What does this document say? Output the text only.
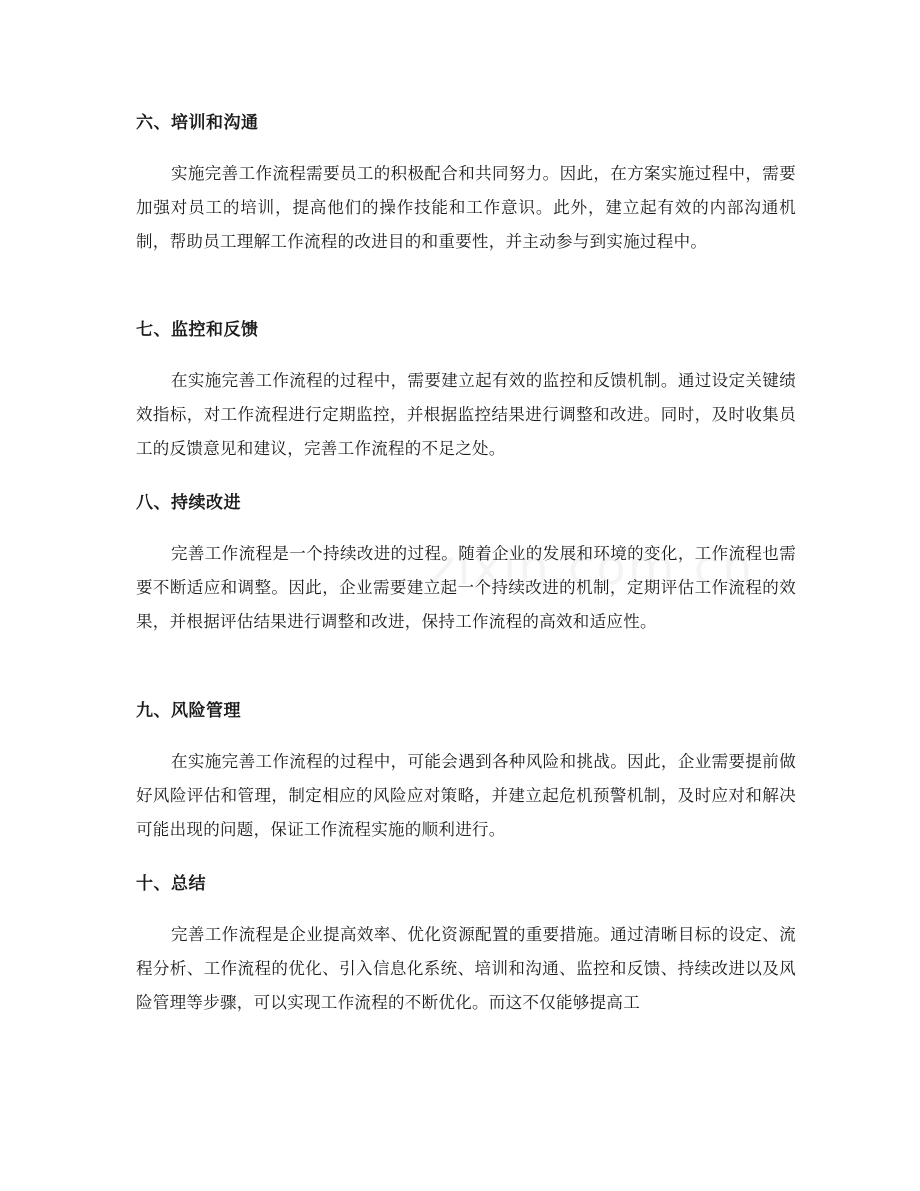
六、培训和沟通

实施完善工作流程需要员工的积极配合和共同努力。因此，在方案实施过程中，需要加强对员工的培训，提高他们的操作技能和工作意识。此外，建立起有效的内部沟通机制，帮助员工理解工作流程的改进目的和重要性，并主动参与到实施过程中。

七、监控和反馈

在实施完善工作流程的过程中，需要建立起有效的监控和反馈机制。通过设定关键绩效指标，对工作流程进行定期监控，并根据监控结果进行调整和改进。同时，及时收集员工的反馈意见和建议，完善工作流程的不足之处。

八、持续改进

完善工作流程是一个持续改进的过程。随着企业的发展和环境的变化，工作流程也需要不断适应和调整。因此，企业需要建立起一个持续改进的机制，定期评估工作流程的效果，并根据评估结果进行调整和改进，保持工作流程的高效和适应性。

九、风险管理

在实施完善工作流程的过程中，可能会遇到各种风险和挑战。因此，企业需要提前做好风险评估和管理，制定相应的风险应对策略，并建立起危机预警机制，及时应对和解决可能出现的问题，保证工作流程实施的顺利进行。

十、总结

完善工作流程是企业提高效率、优化资源配置的重要措施。通过清晰目标的设定、流程分析、工作流程的优化、引入信息化系统、培训和沟通、监控和反馈、持续改进以及风险管理等步骤，可以实现工作流程的不断优化。而这不仅能够提高工
